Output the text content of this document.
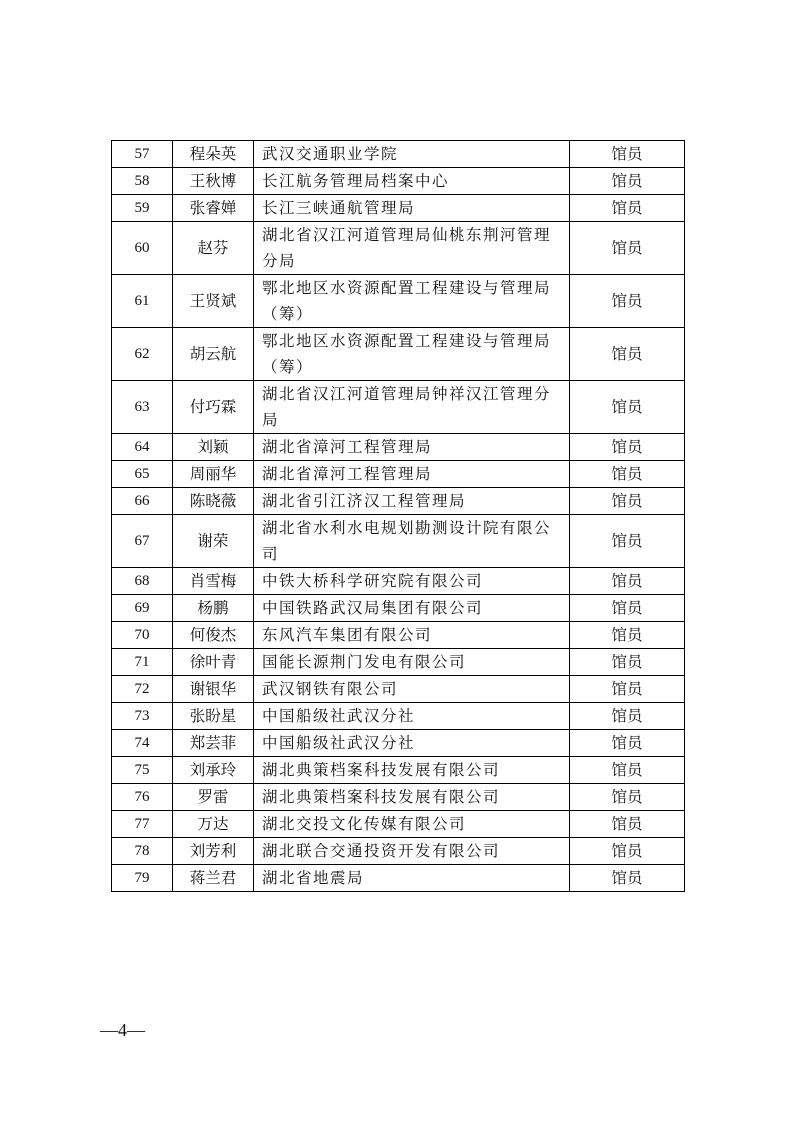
57	程朵英	武汉交通职业学院	馆员
58	王秋博	长江航务管理局档案中心	馆员
59	张睿婵	长江三峡通航管理局	馆员
60	赵芬	湖北省汉江河道管理局仙桃东荆河管理分局	馆员
61	王贤斌	鄂北地区水资源配置工程建设与管理局（筹）	馆员
62	胡云航	鄂北地区水资源配置工程建设与管理局（筹）	馆员
63	付巧霖	湖北省汉江河道管理局钟祥汉江管理分局	馆员
64	刘颖	湖北省漳河工程管理局	馆员
65	周丽华	湖北省漳河工程管理局	馆员
66	陈晓薇	湖北省引江济汉工程管理局	馆员
67	谢荣	湖北省水利水电规划勘测设计院有限公司	馆员
68	肖雪梅	中铁大桥科学研究院有限公司	馆员
69	杨鹏	中国铁路武汉局集团有限公司	馆员
70	何俊杰	东风汽车集团有限公司	馆员
71	徐叶青	国能长源荆门发电有限公司	馆员
72	谢银华	武汉钢铁有限公司	馆员
73	张盼星	中国船级社武汉分社	馆员
74	郑芸菲	中国船级社武汉分社	馆员
75	刘承玲	湖北典策档案科技发展有限公司	馆员
76	罗雷	湖北典策档案科技发展有限公司	馆员
77	万达	湖北交投文化传媒有限公司	馆员
78	刘芳利	湖北联合交通投资开发有限公司	馆员
79	蒋兰君	湖北省地震局	馆员
—4—
